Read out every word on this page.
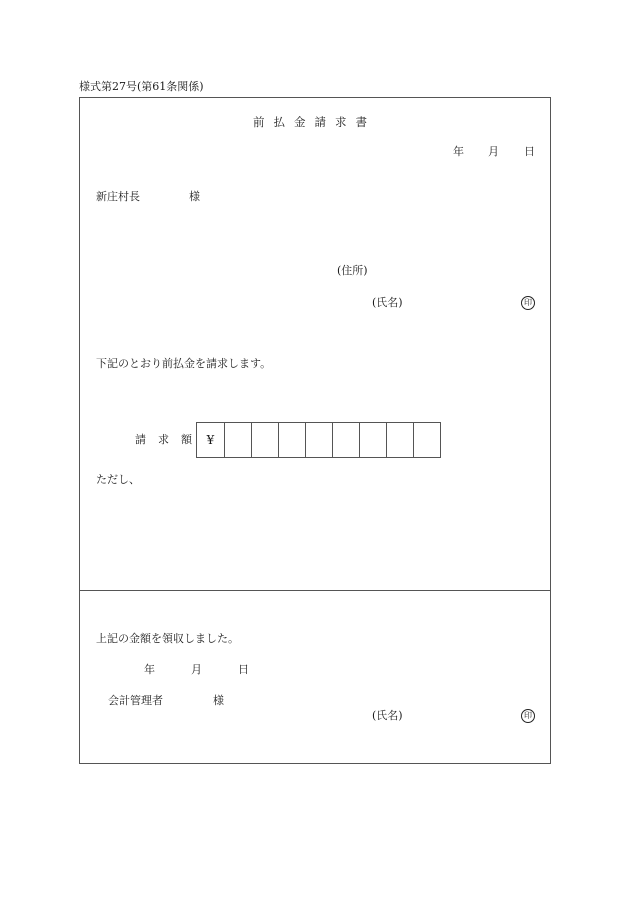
様式第27号(第61条関係)
前払金請求書
年 月 日
新庄村長	様
(住所)
(氏名)	印
下記のとおり前払金を請求します。
請求額 ¥
ただし、
上記の金額を領収しました。
年	月	日
会計管理者	様
(氏名)	印
